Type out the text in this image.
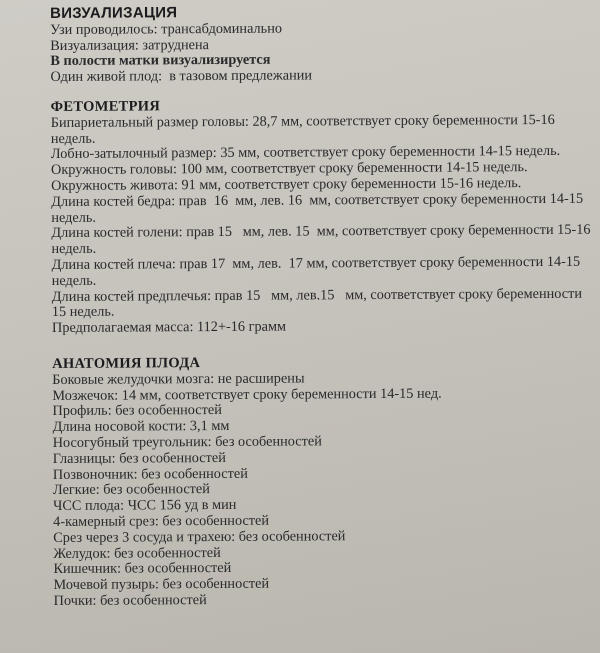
ВИЗУАЛИЗАЦИЯ
Узи проводилось: трансабдоминально
Визуализация: затруднена
В полости матки визуализируется
Один живой плод:  в тазовом предлежании
ФЕТОМЕТРИЯ
Бипариетальный размер головы: 28,7 мм, соответствует сроку беременности 15-16 недель.
Лобно-затылочный размер: 35 мм, соответствует сроку беременности 14-15 недель.
Окружность головы: 100 мм, соответствует сроку беременности 14-15 недель.
Окружность живота: 91 мм, соответствует сроку беременности 15-16 недель.
Длина костей бедра: прав  16  мм, лев. 16  мм, соответствует сроку беременности 14-15 недель.
Длина костей голени: прав 15   мм, лев. 15  мм, соответствует сроку беременности 15-16 недель.
Длина костей плеча: прав 17  мм, лев.  17 мм, соответствует сроку беременности 14-15 недель.
Длина костей предплечья: прав 15   мм, лев.15   мм, соответствует сроку беременности 15 недель.
Предполагаемая масса: 112+-16 грамм
АНАТОМИЯ ПЛОДА
Боковые желудочки мозга: не расширены
Мозжечок: 14 мм, соответствует сроку беременности 14-15 нед.
Профиль: без особенностей
Длина носовой кости: 3,1 мм
Носогубный треугольник: без особенностей
Глазницы: без особенностей
Позвоночник: без особенностей
Легкие: без особенностей
ЧСС плода: ЧСС 156 уд в мин
4-камерный срез: без особенностей
Срез через 3 сосуда и трахею: без особенностей
Желудок: без особенностей
Кишечник: без особенностей
Мочевой пузырь: без особенностей
Почки: без особенностей
